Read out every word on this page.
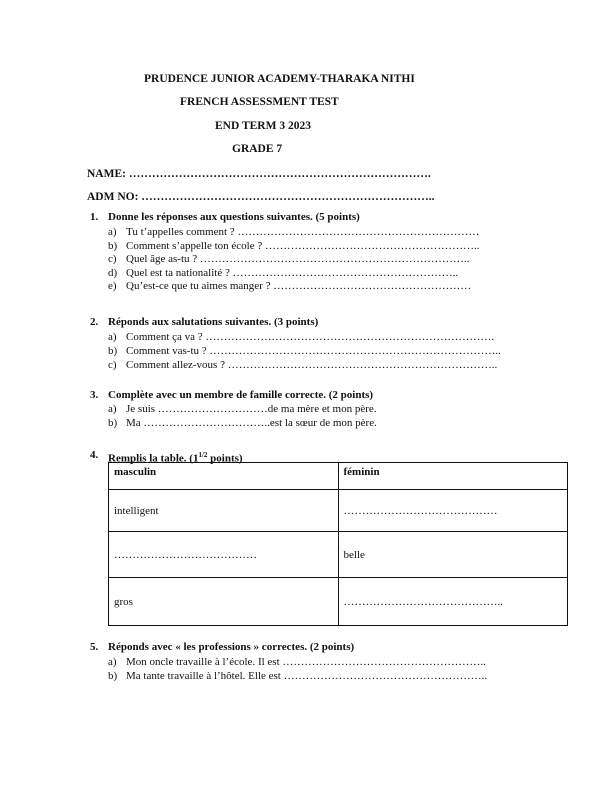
PRUDENCE JUNIOR ACADEMY-THARAKA NITHI
FRENCH ASSESSMENT TEST
END TERM 3 2023
GRADE 7
NAME: …………………………………………………………………….
ADM NO: …………………………………………………………………..
1. Donne les réponses aux questions suivantes. (5 points)
a) Tu t’appelles comment ? …………………………………………………………
b) Comment s’appelle ton école ? …………………………………………………..
c) Quel âge as-tu ? ………………………………………………………………..
d) Quel est ta nationalité ? ……………………………………………………..
e) Qu’est-ce que tu aimes manger ? ………………………………………………
2. Réponds aux salutations suivantes. (3 points)
a) Comment ça va ? …………………………………………………………………….
b) Comment vas-tu ? ……………………………………………………………………..
c) Comment allez-vous ? ………………………………………………………………..
3. Complète avec un membre de famille correcte. (2 points)
a) Je suis …………………………de ma mère et mon père.
b) Ma ……………………………..est la sœur de mon père.
4. Remplis la table. ($1^{1/2}$ points)
masculin	féminin
intelligent	……………………………………
…………………………………	belle
gros	……………………………………..
5. Réponds avec « les professions » correctes. (2 points)
a) Mon oncle travaille à l’école. Il est ………………………………………………..
b) Ma tante travaille à l’hôtel. Elle est ………………………………………………..
